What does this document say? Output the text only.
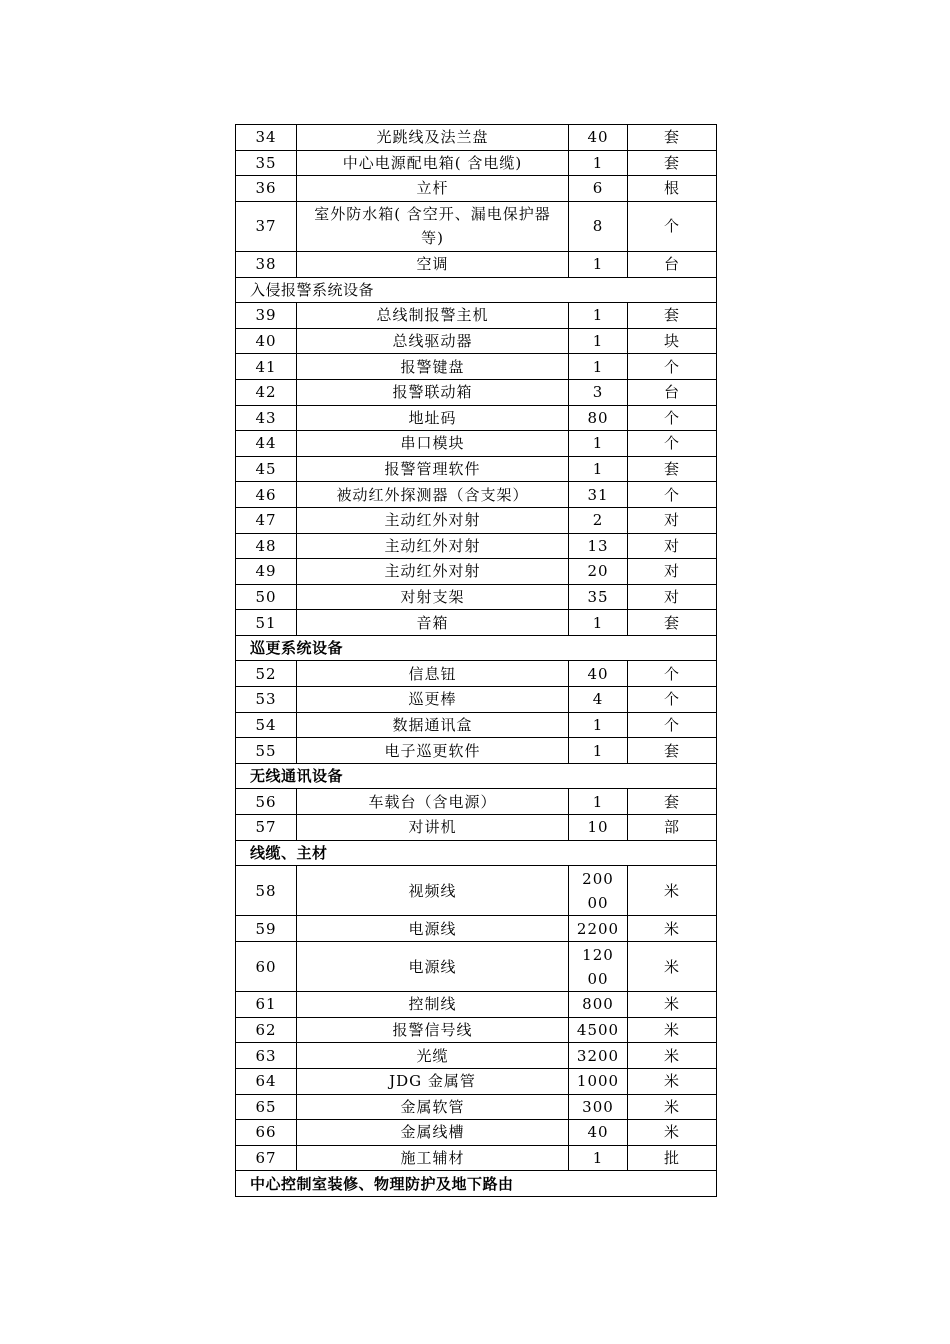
34	光跳线及法兰盘	40	套
35	中心电源配电箱( 含电缆)	1	套
36	立杆	6	根
37	室外防水箱( 含空开、漏电保护器等)	8	个
38	空调	1	台
入侵报警系统设备			
39	总线制报警主机	1	套
40	总线驱动器	1	块
41	报警键盘	1	个
42	报警联动箱	3	台
43	地址码	80	个
44	串口模块	1	个
45	报警管理软件	1	套
46	被动红外探测器（含支架）	31	个
47	主动红外对射	2	对
48	主动红外对射	13	对
49	主动红外对射	20	对
50	对射支架	35	对
51	音箱	1	套
巡更系统设备			
52	信息钮	40	个
53	巡更棒	4	个
54	数据通讯盒	1	个
55	电子巡更软件	1	套
无线通讯设备			
56	车载台（含电源）	1	套
57	对讲机	10	部
线缆、主材			
58	视频线	20000	米
59	电源线	2200	米
60	电源线	12000	米
61	控制线	800	米
62	报警信号线	4500	米
63	光缆	3200	米
64	JDG 金属管	1000	米
65	金属软管	300	米
66	金属线槽	40	米
67	施工辅材	1	批
中心控制室装修、物理防护及地下路由			
